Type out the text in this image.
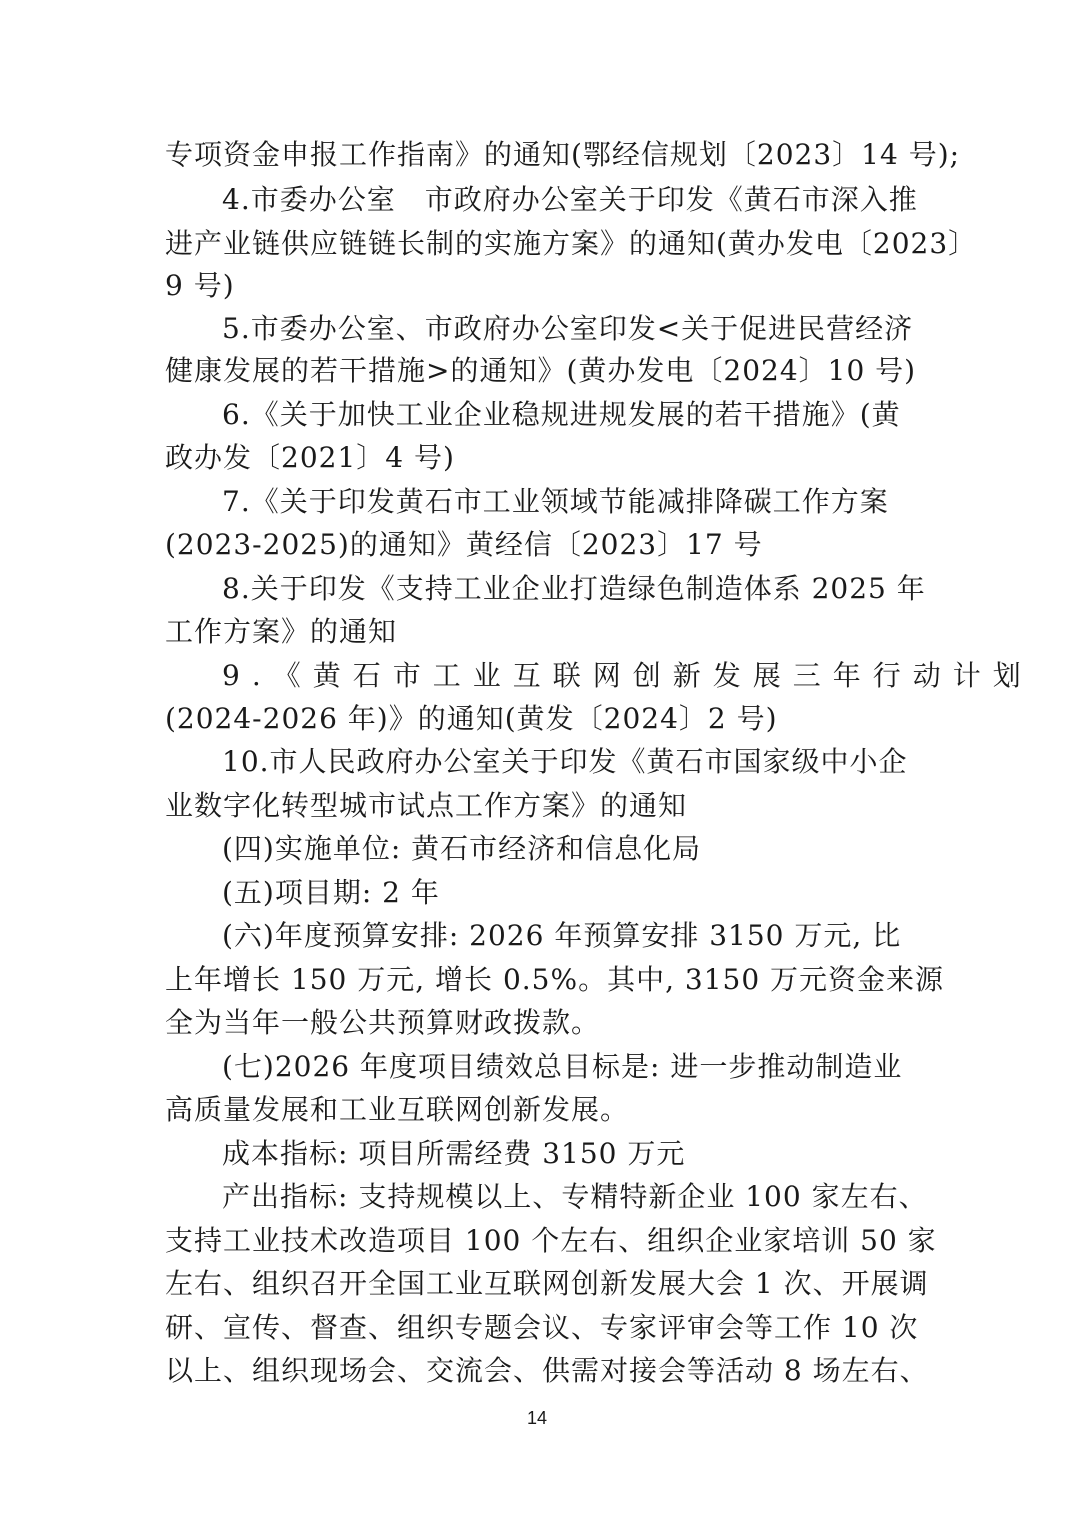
专项资金申报工作指南》的通知(鄂经信规划〔2023〕14 号);
4.市委办公室　市政府办公室关于印发《黄石市深入推
进产业链供应链链长制的实施方案》的通知(黄办发电〔2023〕
9 号)
5.市委办公室、市政府办公室印发<关于促进民营经济
健康发展的若干措施>的通知》(黄办发电〔2024〕10 号)
6.《关于加快工业企业稳规进规发展的若干措施》(黄
政办发〔2021〕4 号)
7.《关于印发黄石市工业领域节能减排降碳工作方案
(2023-2025)的通知》黄经信〔2023〕17 号
8.关于印发《支持工业企业打造绿色制造体系 2025 年
工作方案》的通知
9.《黄石市工业互联网创新发展三年行动计划
(2024-2026 年)》的通知(黄发〔2024〕2 号)
10.市人民政府办公室关于印发《黄石市国家级中小企
业数字化转型城市试点工作方案》的通知
(四)实施单位: 黄石市经济和信息化局
(五)项目期: 2 年
(六)年度预算安排: 2026 年预算安排 3150 万元, 比
上年增长 150 万元, 增长 0.5%。其中, 3150 万元资金来源
全为当年一般公共预算财政拨款。
(七)2026 年度项目绩效总目标是: 进一步推动制造业
高质量发展和工业互联网创新发展。
成本指标: 项目所需经费 3150 万元
产出指标: 支持规模以上、专精特新企业 100 家左右、
支持工业技术改造项目 100 个左右、组织企业家培训 50 家
左右、组织召开全国工业互联网创新发展大会 1 次、开展调
研、宣传、督查、组织专题会议、专家评审会等工作 10 次
以上、组织现场会、交流会、供需对接会等活动 8 场左右、
14
